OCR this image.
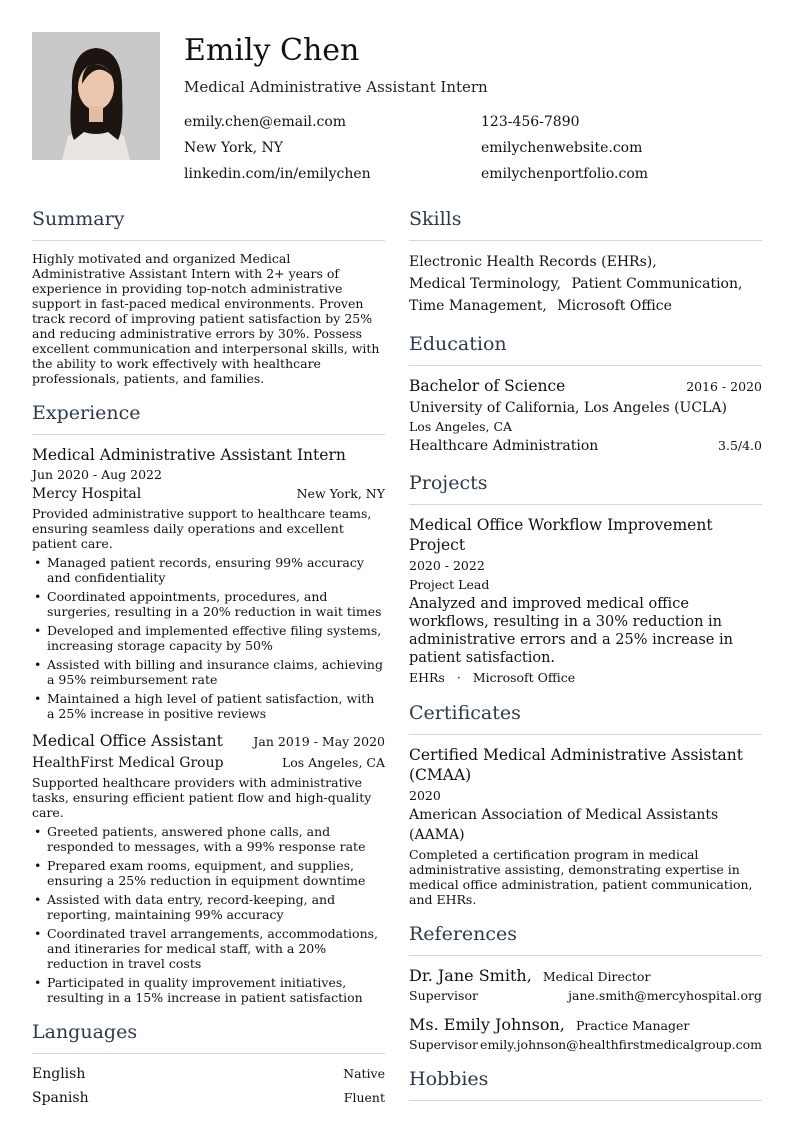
Emily Chen
Medical Administrative Assistant Intern
emily.chen@email.com	123-456-7890
New York, NY	emilychenwebsite.com
linkedin.com/in/emilychen	emilychenportfolio.com
Summary
Highly motivated and organized Medical Administrative Assistant Intern with 2+ years of experience in providing top-notch administrative support in fast-paced medical environments. Proven track record of improving patient satisfaction by 25% and reducing administrative errors by 30%. Possess excellent communication and interpersonal skills, with the ability to work effectively with healthcare professionals, patients, and families.
Experience
Medical Administrative Assistant Intern
Jun 2020 - Aug 2022
Mercy Hospital	New York, NY
Provided administrative support to healthcare teams, ensuring seamless daily operations and excellent patient care.
• Managed patient records, ensuring 99% accuracy and confidentiality
• Coordinated appointments, procedures, and surgeries, resulting in a 20% reduction in wait times
• Developed and implemented effective filing systems, increasing storage capacity by 50%
• Assisted with billing and insurance claims, achieving a 95% reimbursement rate
• Maintained a high level of patient satisfaction, with a 25% increase in positive reviews
Medical Office Assistant Jan 2019 - May 2020
HealthFirst Medical Group	Los Angeles, CA
Supported healthcare providers with administrative tasks, ensuring efficient patient flow and high-quality care.
• Greeted patients, answered phone calls, and responded to messages, with a 99% response rate
• Prepared exam rooms, equipment, and supplies, ensuring a 25% reduction in equipment downtime
• Assisted with data entry, record-keeping, and reporting, maintaining 99% accuracy
• Coordinated travel arrangements, accommodations, and itineraries for medical staff, with a 20% reduction in travel costs
• Participated in quality improvement initiatives, resulting in a 15% increase in patient satisfaction
Languages
English	Native
Spanish	Fluent
Skills
Electronic Health Records (EHRs),
Medical Terminology, Patient Communication,
Time Management, Microsoft Office
Education
Bachelor of Science	2016 - 2020
University of California, Los Angeles (UCLA)
Los Angeles, CA
Healthcare Administration	3.5/4.0
Projects
Medical Office Workflow Improvement Project
2020 - 2022
Project Lead
Analyzed and improved medical office workflows, resulting in a 30% reduction in administrative errors and a 25% increase in patient satisfaction.
EHRs · Microsoft Office
Certificates
Certified Medical Administrative Assistant (CMAA)
2020
American Association of Medical Assistants (AAMA)
Completed a certification program in medical administrative assisting, demonstrating expertise in medical office administration, patient communication, and EHRs.
References
Dr. Jane Smith, Medical Director
Supervisor	jane.smith@mercyhospital.org
Ms. Emily Johnson, Practice Manager
Supervisor emily.johnson@healthfirstmedicalgroup.com
Hobbies
